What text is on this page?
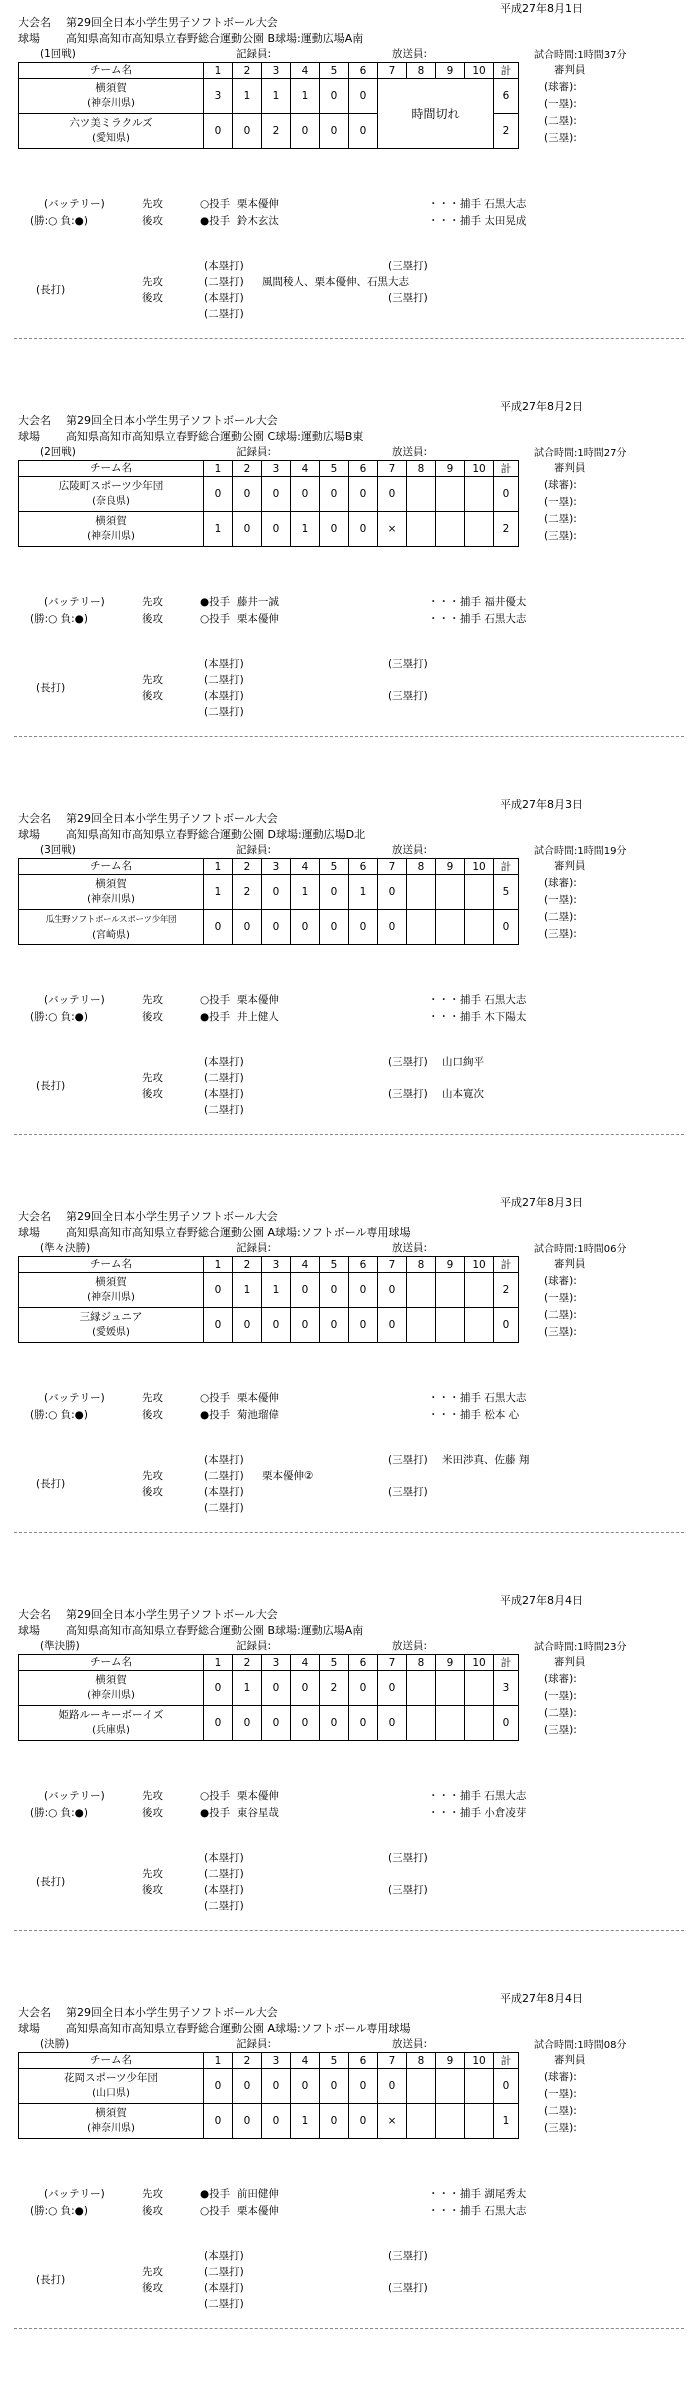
平成27年8月1日
大会名 第29回全日本小学生男子ソフトボール大会
球場 高知県高知市高知県立春野総合運動公園 B球場:運動広場A南
(1回戦)	記録員:	放送員:	試合時間:1時間37分
チーム名	1	2	3	4	5	6	7	8	9	10	計
横須賀
(神奈川県)	3	1	1	1	0	0	時間切れ				6
六ツ美ミラクルズ
(愛知県)	0	0	2	0	0	0					2
審判員
(球審):
(一塁):
(二塁):
(三塁):
(バッテリー)	先攻	○投手 栗本優伸	・・・ 捕手 石黒大志
(勝:○ 負:●)	後攻	●投手 鈴木玄汰	・・・ 捕手 太田晃成
(本塁打)	(三塁打)
先攻	(二塁打) 風間稜人、栗本優伸、石黒大志
(長打)
後攻	(本塁打)	(三塁打)
(二塁打)
平成27年8月2日
大会名 第29回全日本小学生男子ソフトボール大会
球場 高知県高知市高知県立春野総合運動公園 C球場:運動広場B東
(2回戦)	記録員:	放送員:	試合時間:1時間27分
チーム名	1	2	3	4	5	6	7	8	9	10	計
広陵町スポーツ少年団
(奈良県)	0	0	0	0	0	0	0				0
横須賀
(神奈川県)	1	0	0	1	0	0	×				2
審判員
(球審):
(一塁):
(二塁):
(三塁):
(バッテリー)	先攻	●投手 藤井一誠	・・・ 捕手 福井優太
(勝:○ 負:●)	後攻	○投手 栗本優伸	・・・ 捕手 石黒大志
(本塁打)	(三塁打)
先攻	(二塁打)
(長打)
後攻	(本塁打)	(三塁打)
(二塁打)
平成27年8月3日
大会名 第29回全日本小学生男子ソフトボール大会
球場 高知県高知市高知県立春野総合運動公園 D球場:運動広場D北
(3回戦)	記録員:	放送員:	試合時間:1時間19分
チーム名	1	2	3	4	5	6	7	8	9	10	計
横須賀
(神奈川県)	1	2	0	1	0	1	0				5
瓜生野ソフトボールスポーツ少年団
(宮崎県)	0	0	0	0	0	0	0				0
審判員
(球審):
(一塁):
(二塁):
(三塁):
(バッテリー)	先攻	○投手 栗本優伸	・・・ 捕手 石黒大志
(勝:○ 負:●)	後攻	●投手 井上健人	・・・ 捕手 木下陽太
(本塁打)	(三塁打) 山口絢平
先攻	(二塁打)
(長打)
後攻	(本塁打)	(三塁打) 山本寛次
(二塁打)
平成27年8月3日
大会名 第29回全日本小学生男子ソフトボール大会
球場 高知県高知市高知県立春野総合運動公園 A球場:ソフトボール専用球場
(準々決勝)	記録員:	放送員:	試合時間:1時間06分
チーム名	1	2	3	4	5	6	7	8	9	10	計
横須賀
(神奈川県)	0	1	1	0	0	0	0				2
三縁ジュニア
(愛媛県)	0	0	0	0	0	0	0				0
審判員
(球審):
(一塁):
(二塁):
(三塁):
(バッテリー)	先攻	○投手 栗本優伸	・・・ 捕手 石黒大志
(勝:○ 負:●)	後攻	●投手 菊池瑠偉	・・・ 捕手 松本 心
(本塁打)	(三塁打) 米田渉真、佐藤 翔
先攻	(二塁打) 栗本優伸②
(長打)
後攻	(本塁打)	(三塁打)
(二塁打)
平成27年8月4日
大会名 第29回全日本小学生男子ソフトボール大会
球場 高知県高知市高知県立春野総合運動公園 B球場:運動広場A南
(準決勝)	記録員:	放送員:	試合時間:1時間23分
チーム名	1	2	3	4	5	6	7	8	9	10	計
横須賀
(神奈川県)	0	1	0	0	2	0	0				3
姫路ルーキーボーイズ
(兵庫県)	0	0	0	0	0	0	0				0
審判員
(球審):
(一塁):
(二塁):
(三塁):
(バッテリー)	先攻	○投手 栗本優伸	・・・ 捕手 石黒大志
(勝:○ 負:●)	後攻	●投手 東谷星哉	・・・ 捕手 小倉凌芽
(本塁打)	(三塁打)
先攻	(二塁打)
(長打)
後攻	(本塁打)	(三塁打)
(二塁打)
平成27年8月4日
大会名 第29回全日本小学生男子ソフトボール大会
球場 高知県高知市高知県立春野総合運動公園 A球場:ソフトボール専用球場
(決勝)	記録員:	放送員:	試合時間:1時間08分
チーム名	1	2	3	4	5	6	7	8	9	10	計
花岡スポーツ少年団
(山口県)	0	0	0	0	0	0	0				0
横須賀
(神奈川県)	0	0	0	1	0	0	×				1
審判員
(球審):
(一塁):
(二塁):
(三塁):
(バッテリー)	先攻	●投手 前田健伸	・・・ 捕手 湖尾秀太
(勝:○ 負:●)	後攻	○投手 栗本優伸	・・・ 捕手 石黒大志
(本塁打)	(三塁打)
先攻	(二塁打)
(長打)
後攻	(本塁打)	(三塁打)
(二塁打)
